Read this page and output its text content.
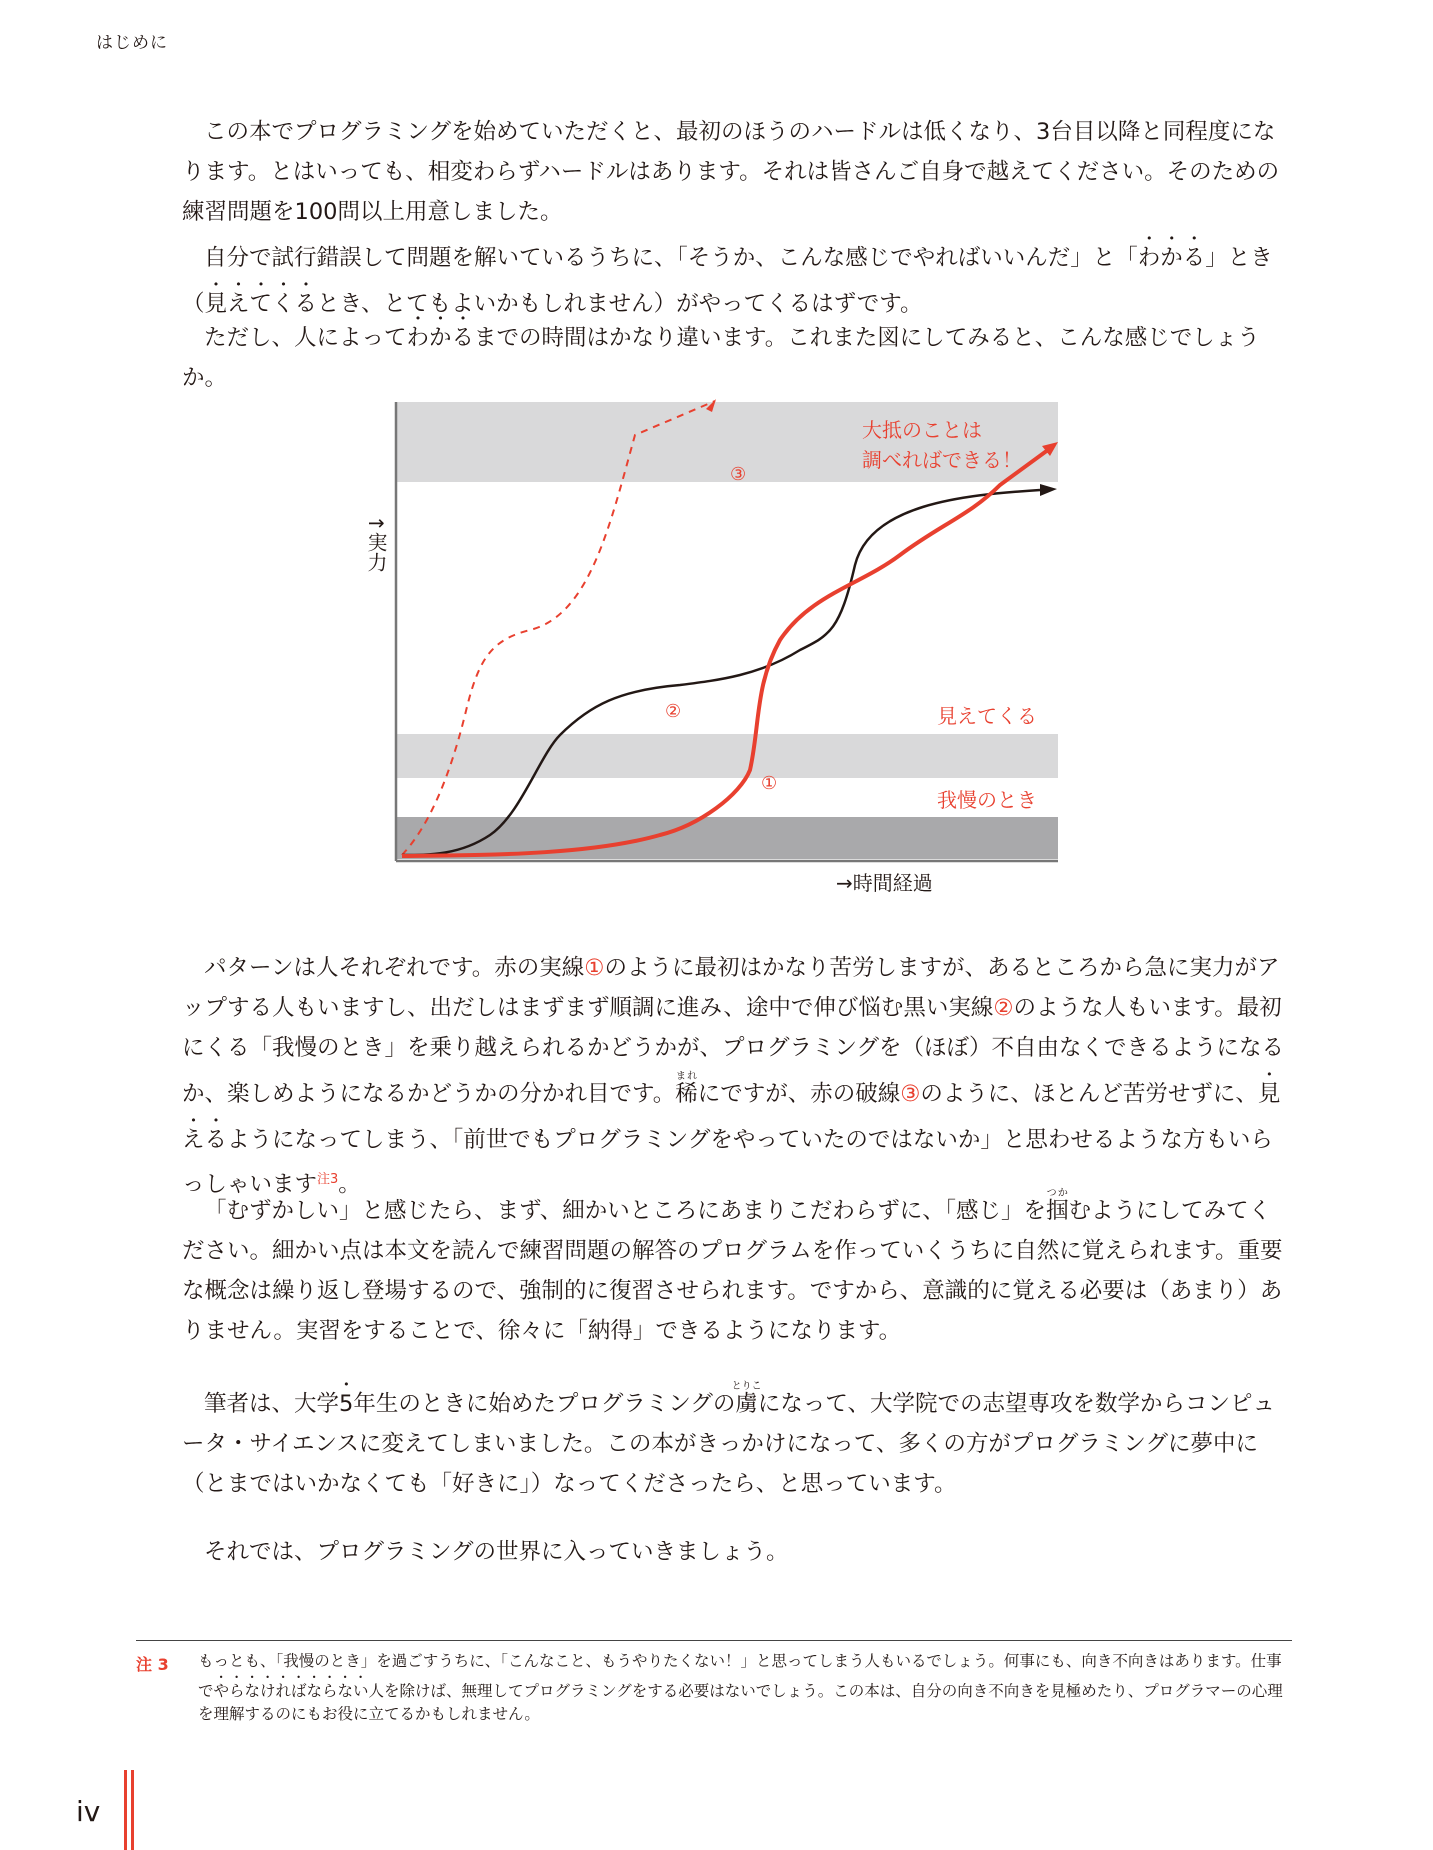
はじめに

この本でプログラミングを始めていただくと、最初のほうのハードルは低くなり、3台目以降と同程度になります。とはいっても、相変わらずハードルはあります。それは皆さんご自身で越えてください。そのための練習問題を100問以上用意しました。

自分で試行錯誤して問題を解いているうちに、「そうか、こんな感じでやればいいんだ」と「わかる」とき（見えてくるとき、とてもよいかもしれません）がやってくるはずです。

ただし、人によってわかるまでの時間はかなり違います。これまた図にしてみると、こんな感じでしょうか。

③
②
①
大抵のことは
調べればできる！
見えてくる
我慢のとき
↑実力
→時間経過

パターンは人それぞれです。赤の実線①のように最初はかなり苦労しますが、あるところから急に実力がアップする人もいますし、出だしはまずまず順調に進み、途中で伸び悩む黒い実線②のような人もいます。最初にくる「我慢のとき」を乗り越えられるかどうかが、プログラミングを（ほぼ）不自由なくできるようになるか、楽しめようになるかどうかの分かれ目です。稀まれにですが、赤の破線③のように、ほとんど苦労せずに、見えるようになってしまう、「前世でもプログラミングをやっていたのではないか」と思わせるような方もいらっしゃいます$^{注3}$。

「むずかしい」と感じたら、まず、細かいところにあまりこだわらずに、「感じ」を掴つかむようにしてみてください。細かい点は本文を読んで練習問題の解答のプログラムを作っていくうちに自然に覚えられます。重要な概念は繰り返し登場するので、強制的に復習させられます。ですから、意識的に覚える必要は（あまり）ありません。実習をすることで、徐々に「納得」できるようになります。

筆者は、大学5年生のときに始めたプログラミングの虜とりこになって、大学院での志望専攻を数学からコンピュータ・サイエンスに変えてしまいました。この本がきっかけになって、多くの方がプログラミングに夢中に（とまではいかなくても「好きに」）なってくださったら、と思っています。

それでは、プログラミングの世界に入っていきましょう。

注 3 もっとも、「我慢のとき」を過ごすうちに、「こんなこと、もうやりたくない！」と思ってしまう人もいるでしょう。何事にも、向き不向きはあります。仕事でやらなければならない人を除けば、無理してプログラミングをする必要はないでしょう。この本は、自分の向き不向きを見極めたり、プログラマーの心理を理解するのにもお役に立てるかもしれません。

iv
